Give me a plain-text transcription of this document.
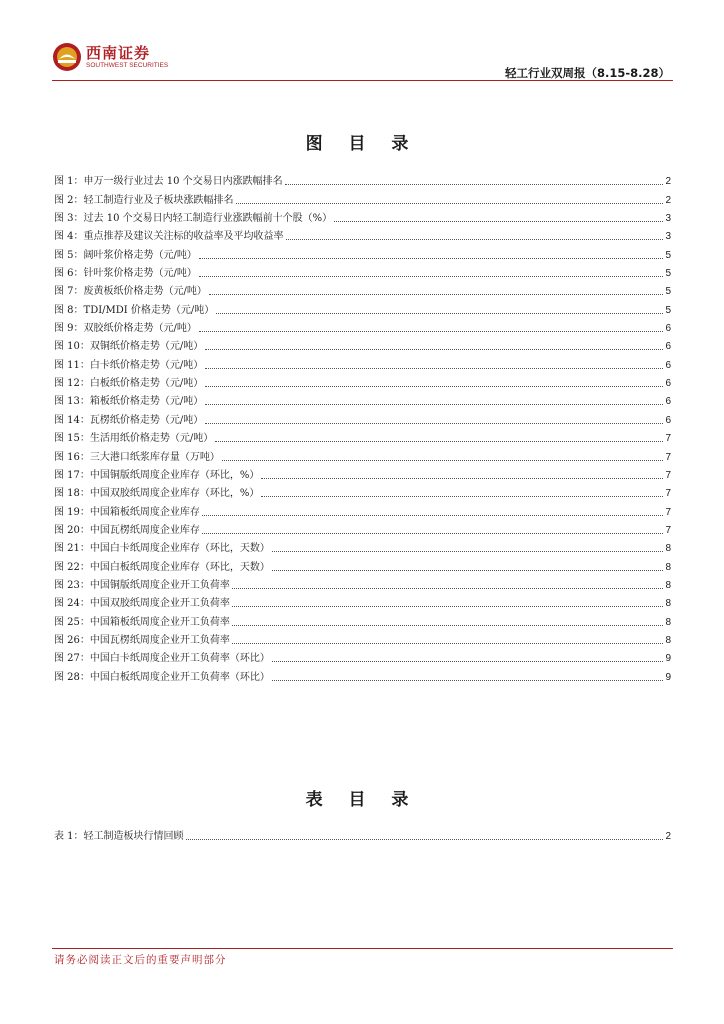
西南证券
SOUTHWEST SECURITIES
轻工行业双周报（8.15-8.28）
图 目 录
图 1：申万一级行业过去 10 个交易日内涨跌幅排名	2
图 2：轻工制造行业及子板块涨跌幅排名	2
图 3：过去 10 个交易日内轻工制造行业涨跌幅前十个股（%）	3
图 4：重点推荐及建议关注标的收益率及平均收益率	3
图 5：阔叶浆价格走势（元/吨）	5
图 6：针叶浆价格走势（元/吨）	5
图 7：废黄板纸价格走势（元/吨）	5
图 8：TDI/MDI 价格走势（元/吨）	5
图 9：双胶纸价格走势（元/吨）	6
图 10：双铜纸价格走势（元/吨）	6
图 11：白卡纸价格走势（元/吨）	6
图 12：白板纸价格走势（元/吨）	6
图 13：箱板纸价格走势（元/吨）	6
图 14：瓦楞纸价格走势（元/吨）	6
图 15：生活用纸价格走势（元/吨）	7
图 16：三大港口纸浆库存量（万吨）	7
图 17：中国铜版纸周度企业库存（环比，%）	7
图 18：中国双胶纸周度企业库存（环比，%）	7
图 19：中国箱板纸周度企业库存	7
图 20：中国瓦楞纸周度企业库存	7
图 21：中国白卡纸周度企业库存（环比，天数）	8
图 22：中国白板纸周度企业库存（环比，天数）	8
图 23：中国铜版纸周度企业开工负荷率	8
图 24：中国双胶纸周度企业开工负荷率	8
图 25：中国箱板纸周度企业开工负荷率	8
图 26：中国瓦楞纸周度企业开工负荷率	8
图 27：中国白卡纸周度企业开工负荷率（环比）	9
图 28：中国白板纸周度企业开工负荷率（环比）	9
表 目 录
表 1：轻工制造板块行情回顾	2
请务必阅读正文后的重要声明部分
